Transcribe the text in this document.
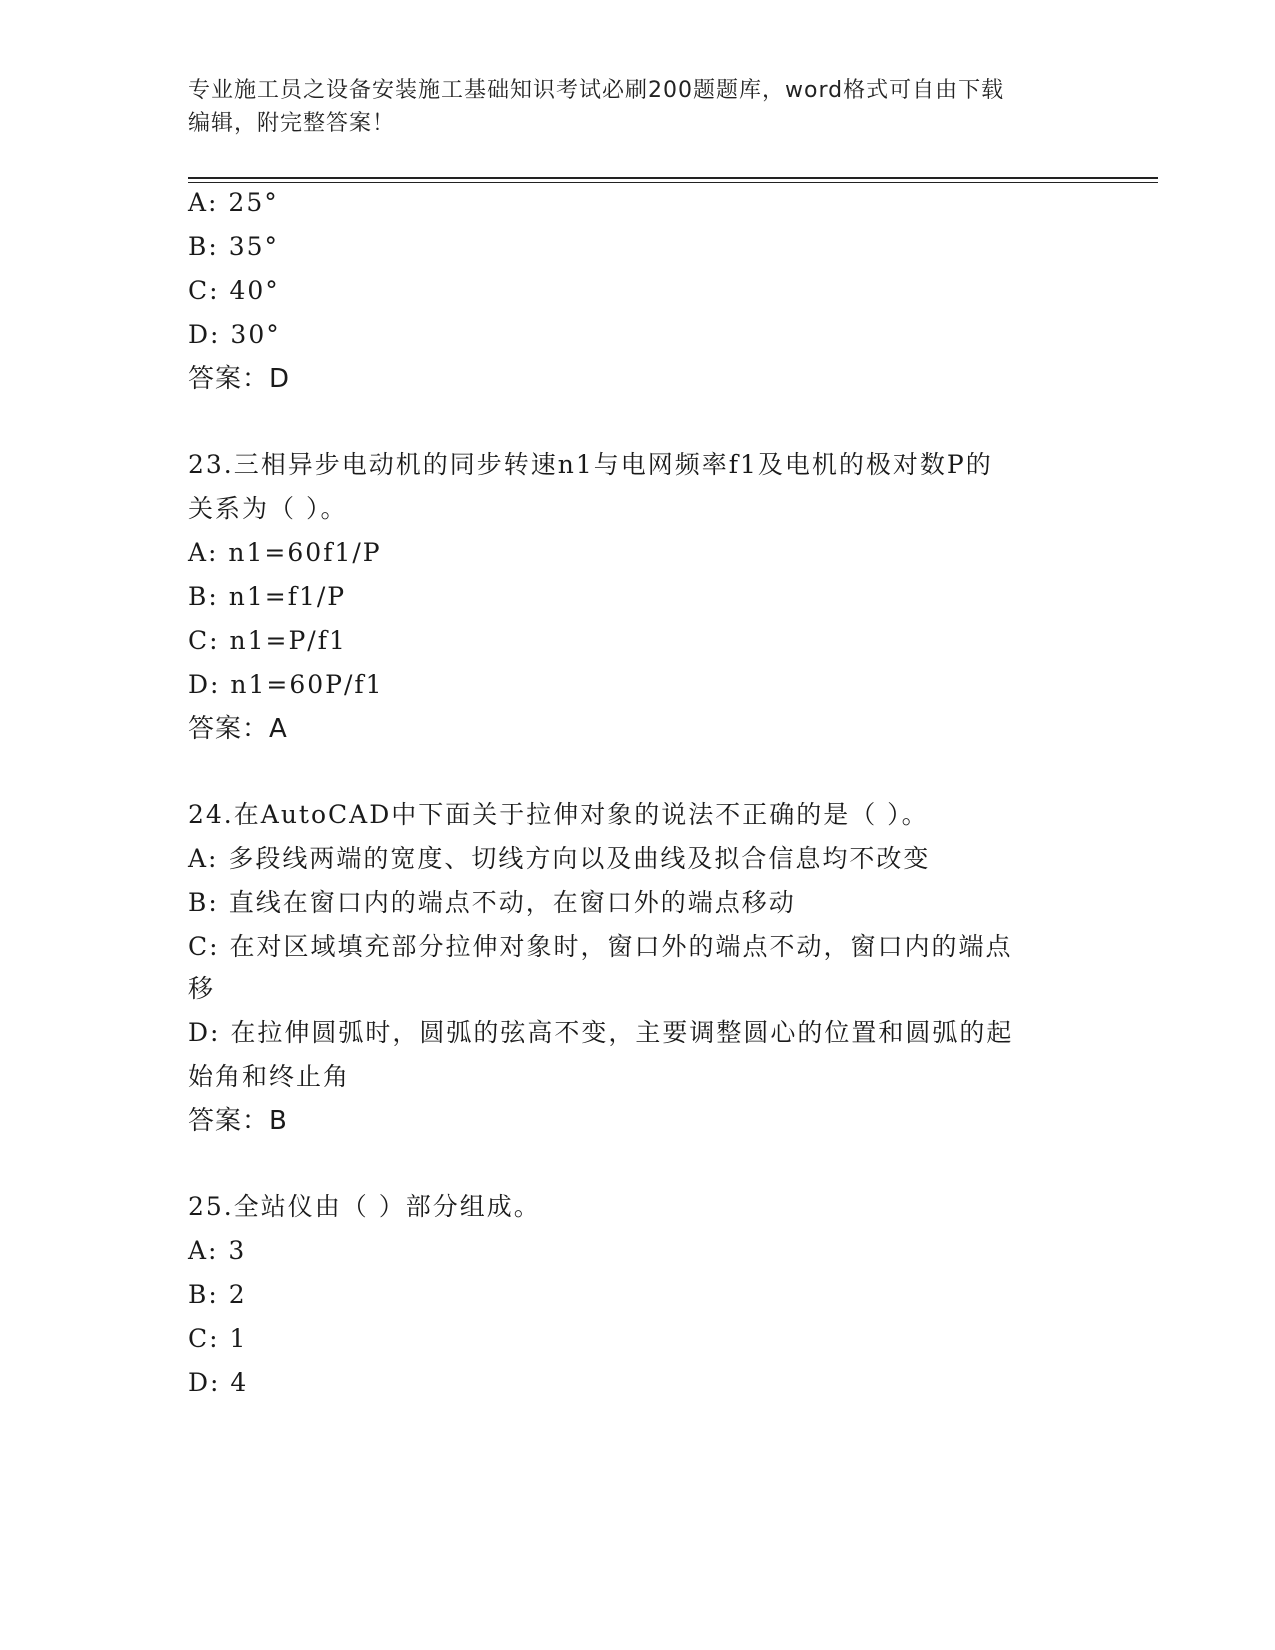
专业施工员之设备安装施工基础知识考试必刷200题题库，word格式可自由下载
编辑，附完整答案！
A: 25°
B: 35°
C: 40°
D: 30°
答案：D
23.三相异步电动机的同步转速n1与电网频率f1及电机的极对数P的
关系为（ ）。
A: n1=60f1/P
B: n1=f1/P
C: n1=P/f1
D: n1=60P/f1
答案：A
24.在AutoCAD中下面关于拉伸对象的说法不正确的是（ ）。
A: 多段线两端的宽度、切线方向以及曲线及拟合信息均不改变
B: 直线在窗口内的端点不动，在窗口外的端点移动
C: 在对区域填充部分拉伸对象时，窗口外的端点不动，窗口内的端点
移
D: 在拉伸圆弧时，圆弧的弦高不变，主要调整圆心的位置和圆弧的起
始角和终止角
答案：B
25.全站仪由（ ）部分组成。
A: 3
B: 2
C: 1
D: 4
